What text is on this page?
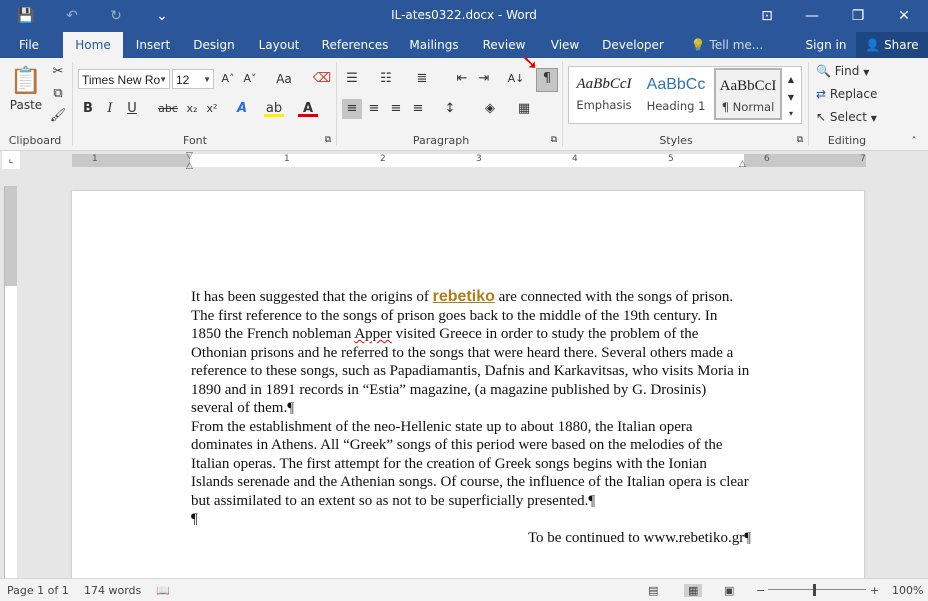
💾	↶	↻	⌄	IL-ates0322.docx - Word	⊡	—	❐	✕
File	Home	Insert	Design	Layout	References	Mailings	Review	View	Developer	💡 Tell me...	Sign in	👤 Share
📋
Paste
✂
⧉
🖌
Clipboard
Times New Ro
▼ 12 ▼ A˄ A˅	Aa	⌫
B	I	U	abc x₂ x²	A	ab	A
Font	⧉
☰	☷	≣	⇤ ⇥	A↓	¶
➘
≡ ≡ ≡ ≡	↕	◈	▦
Paragraph	⧉
AaBbCcI
Emphasis
AaBbCc
Heading 1
AaBbCcI
¶ Normal
▲
▼
▾
Styles	⧉
🔍 Find ▼
⇄ Replace
↖ Select ▼
Editing	˄
⌞	1	1	2	3	4	5	6	7
▽
△	△

It has been suggested that the origins of rebetiko are connected with the songs of prison. The first reference to the songs of prison goes back to the middle of the 19th century. In 1850 the French nobleman Apper visited Greece in order to study the problem of the Othonian prisons and he referred to the songs that were heard there. Several others made a reference to these songs, such as Papadiamantis, Dafnis and Karkavitsas, who visits Moria in 1890 and in 1891 records in “Estia” magazine, (a magazine published by G. Drosinis) several of them.¶

From the establishment of the neo-Hellenic state up to about 1880, the Italian opera dominates in Athens. All “Greek” songs of this period were based on the melodies of the Italian operas. The first attempt for the creation of Greek songs begins with the Ionian Islands serenade and the Athenian songs. Of course, the influence of the Italian opera is clear but assimilated to an extent so as not to be superficially presented.¶

¶

To be continued to www.rebetiko.gr¶

Page 1 of 1 174 words 📖	▤	▦	▣ −	+ 100%
